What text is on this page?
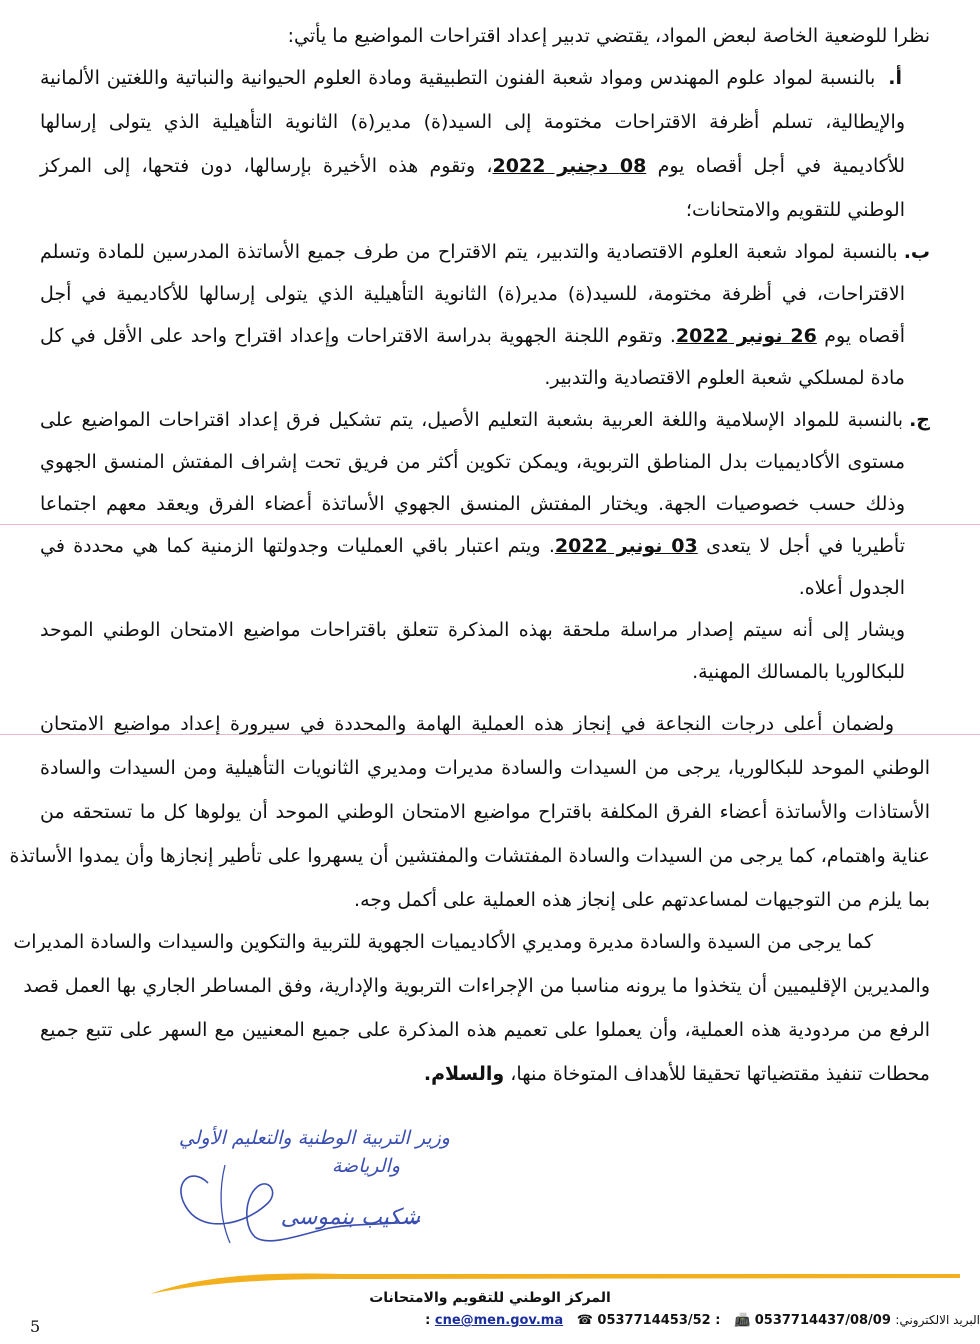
نظرا للوضعية الخاصة لبعض المواد، يقتضي تدبير إعداد اقتراحات المواضيع ما يأتي:
أ. بالنسبة لمواد علوم المهندس ومواد شعبة الفنون التطبيقية ومادة العلوم الحيوانية والنباتية واللغتين الألمانية
والإيطالية، تسلم أظرفة الاقتراحات مختومة إلى السيد(ة) مدير(ة) الثانوية التأهيلية الذي يتولى إرسالها
للأكاديمية في أجل أقصاه يوم 08 دجنبر 2022، وتقوم هذه الأخيرة بإرسالها، دون فتحها، إلى المركز
الوطني للتقويم والامتحانات؛
ب.بالنسبة لمواد شعبة العلوم الاقتصادية والتدبير، يتم الاقتراح من طرف جميع الأساتذة المدرسين للمادة وتسلم
الاقتراحات، في أظرفة مختومة، للسيد(ة) مدير(ة) الثانوية التأهيلية الذي يتولى إرسالها للأكاديمية في أجل
أقصاه يوم 26 نونبر 2022. وتقوم اللجنة الجهوية بدراسة الاقتراحات وإعداد اقتراح واحد على الأقل في كل
مادة لمسلكي شعبة العلوم الاقتصادية والتدبير.
ج.بالنسبة للمواد الإسلامية واللغة العربية بشعبة التعليم الأصيل، يتم تشكيل فرق إعداد اقتراحات المواضيع على
مستوى الأكاديميات بدل المناطق التربوية، ويمكن تكوين أكثر من فريق تحت إشراف المفتش المنسق الجهوي
وذلك حسب خصوصيات الجهة. ويختار المفتش المنسق الجهوي الأساتذة أعضاء الفرق ويعقد معهم اجتماعا
تأطيريا في أجل لا يتعدى 03 نونبر 2022. ويتم اعتبار باقي العمليات وجدولتها الزمنية كما هي محددة في
الجدول أعلاه.
ويشار إلى أنه سيتم إصدار مراسلة ملحقة بهذه المذكرة تتعلق باقتراحات مواضيع الامتحان الوطني الموحد
للبكالوريا بالمسالك المهنية.
ولضمان أعلى درجات النجاعة في إنجاز هذه العملية الهامة والمحددة في سيرورة إعداد مواضيع الامتحان
الوطني الموحد للبكالوريا، يرجى من السيدات والسادة مديرات ومديري الثانويات التأهيلية ومن السيدات والسادة
الأستاذات والأساتذة أعضاء الفرق المكلفة باقتراح مواضيع الامتحان الوطني الموحد أن يولوها كل ما تستحقه من
عناية واهتمام، كما يرجى من السيدات والسادة المفتشات والمفتشين أن يسهروا على تأطير إنجازها وأن يمدوا الأساتذة
بما يلزم من التوجيهات لمساعدتهم على إنجاز هذه العملية على أكمل وجه.
كما يرجى من السيدة والسادة مديرة ومديري الأكاديميات الجهوية للتربية والتكوين والسيدات والسادة المديرات
والمديرين الإقليميين أن يتخذوا ما يرونه مناسبا من الإجراءات التربوية والإدارية، وفق المساطر الجاري بها العمل قصد
الرفع من مردودية هذه العملية، وأن يعملوا على تعميم هذه المذكرة على جميع المعنيين مع السهر على تتبع جميع
محطات تنفيذ مقتضياتها تحقيقا للأهداف المتوخاة منها، والسلام.
وزير التربية الوطنية والتعليم الأولي
والرياضة
شكيب بنموسى
المركز الوطني للتقويم والامتحانات
البريد الالكتروني: cne@men.gov.ma ☎ 0537714453/52 : 📠 0537714437/08/09 :
5
